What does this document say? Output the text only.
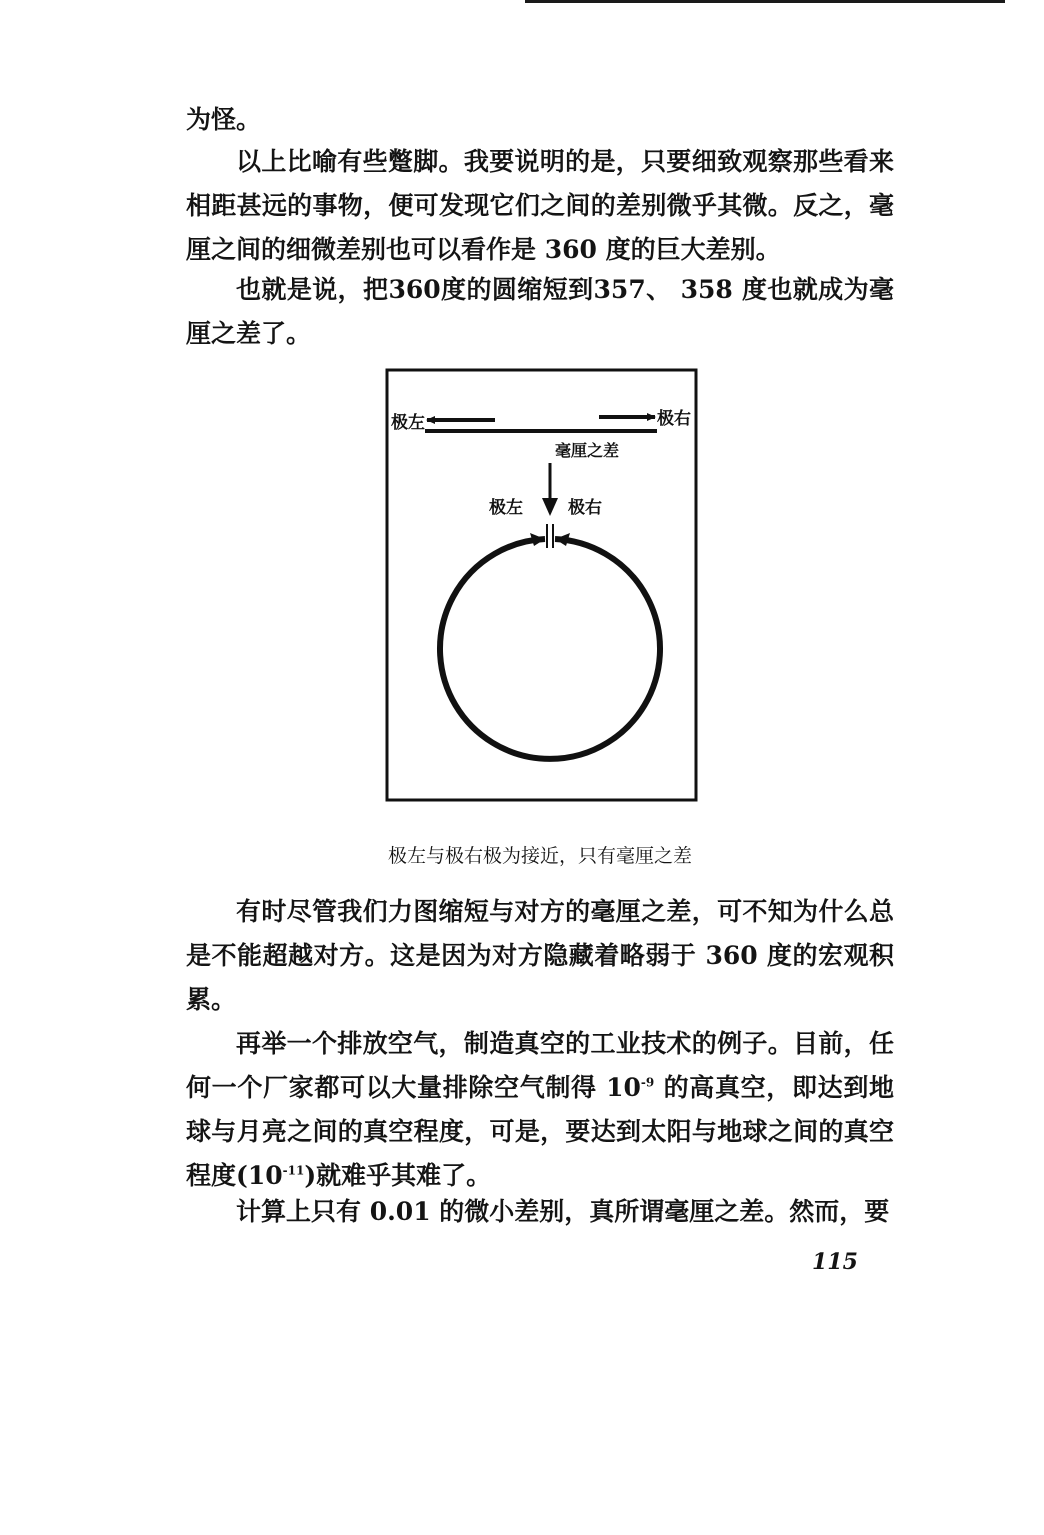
为怪。

以上比喻有些蹩脚。我要说明的是，只要细致观察那些看来相距甚远的事物，便可发现它们之间的差别微乎其微。反之，毫厘之间的细微差别也可以看作是 360 度的巨大差别。

也就是说，把360度的圆缩短到357、 358 度也就成为毫厘之差了。

极左	极右
毫厘之差
极左	极右

极左与极右极为接近，只有毫厘之差

有时尽管我们力图缩短与对方的毫厘之差，可不知为什么总是不能超越对方。这是因为对方隐藏着略弱于 360 度的宏观积累。

再举一个排放空气，制造真空的工业技术的例子。目前，任何一个厂家都可以大量排除空气制得 $10^{-9}$ 的高真空，即达到地球与月亮之间的真空程度，可是，要达到太阳与地球之间的真空程度$(10^{-11})$就难乎其难了。

计算上只有 0.01 的微小差别，真所谓毫厘之差。然而，要

115
